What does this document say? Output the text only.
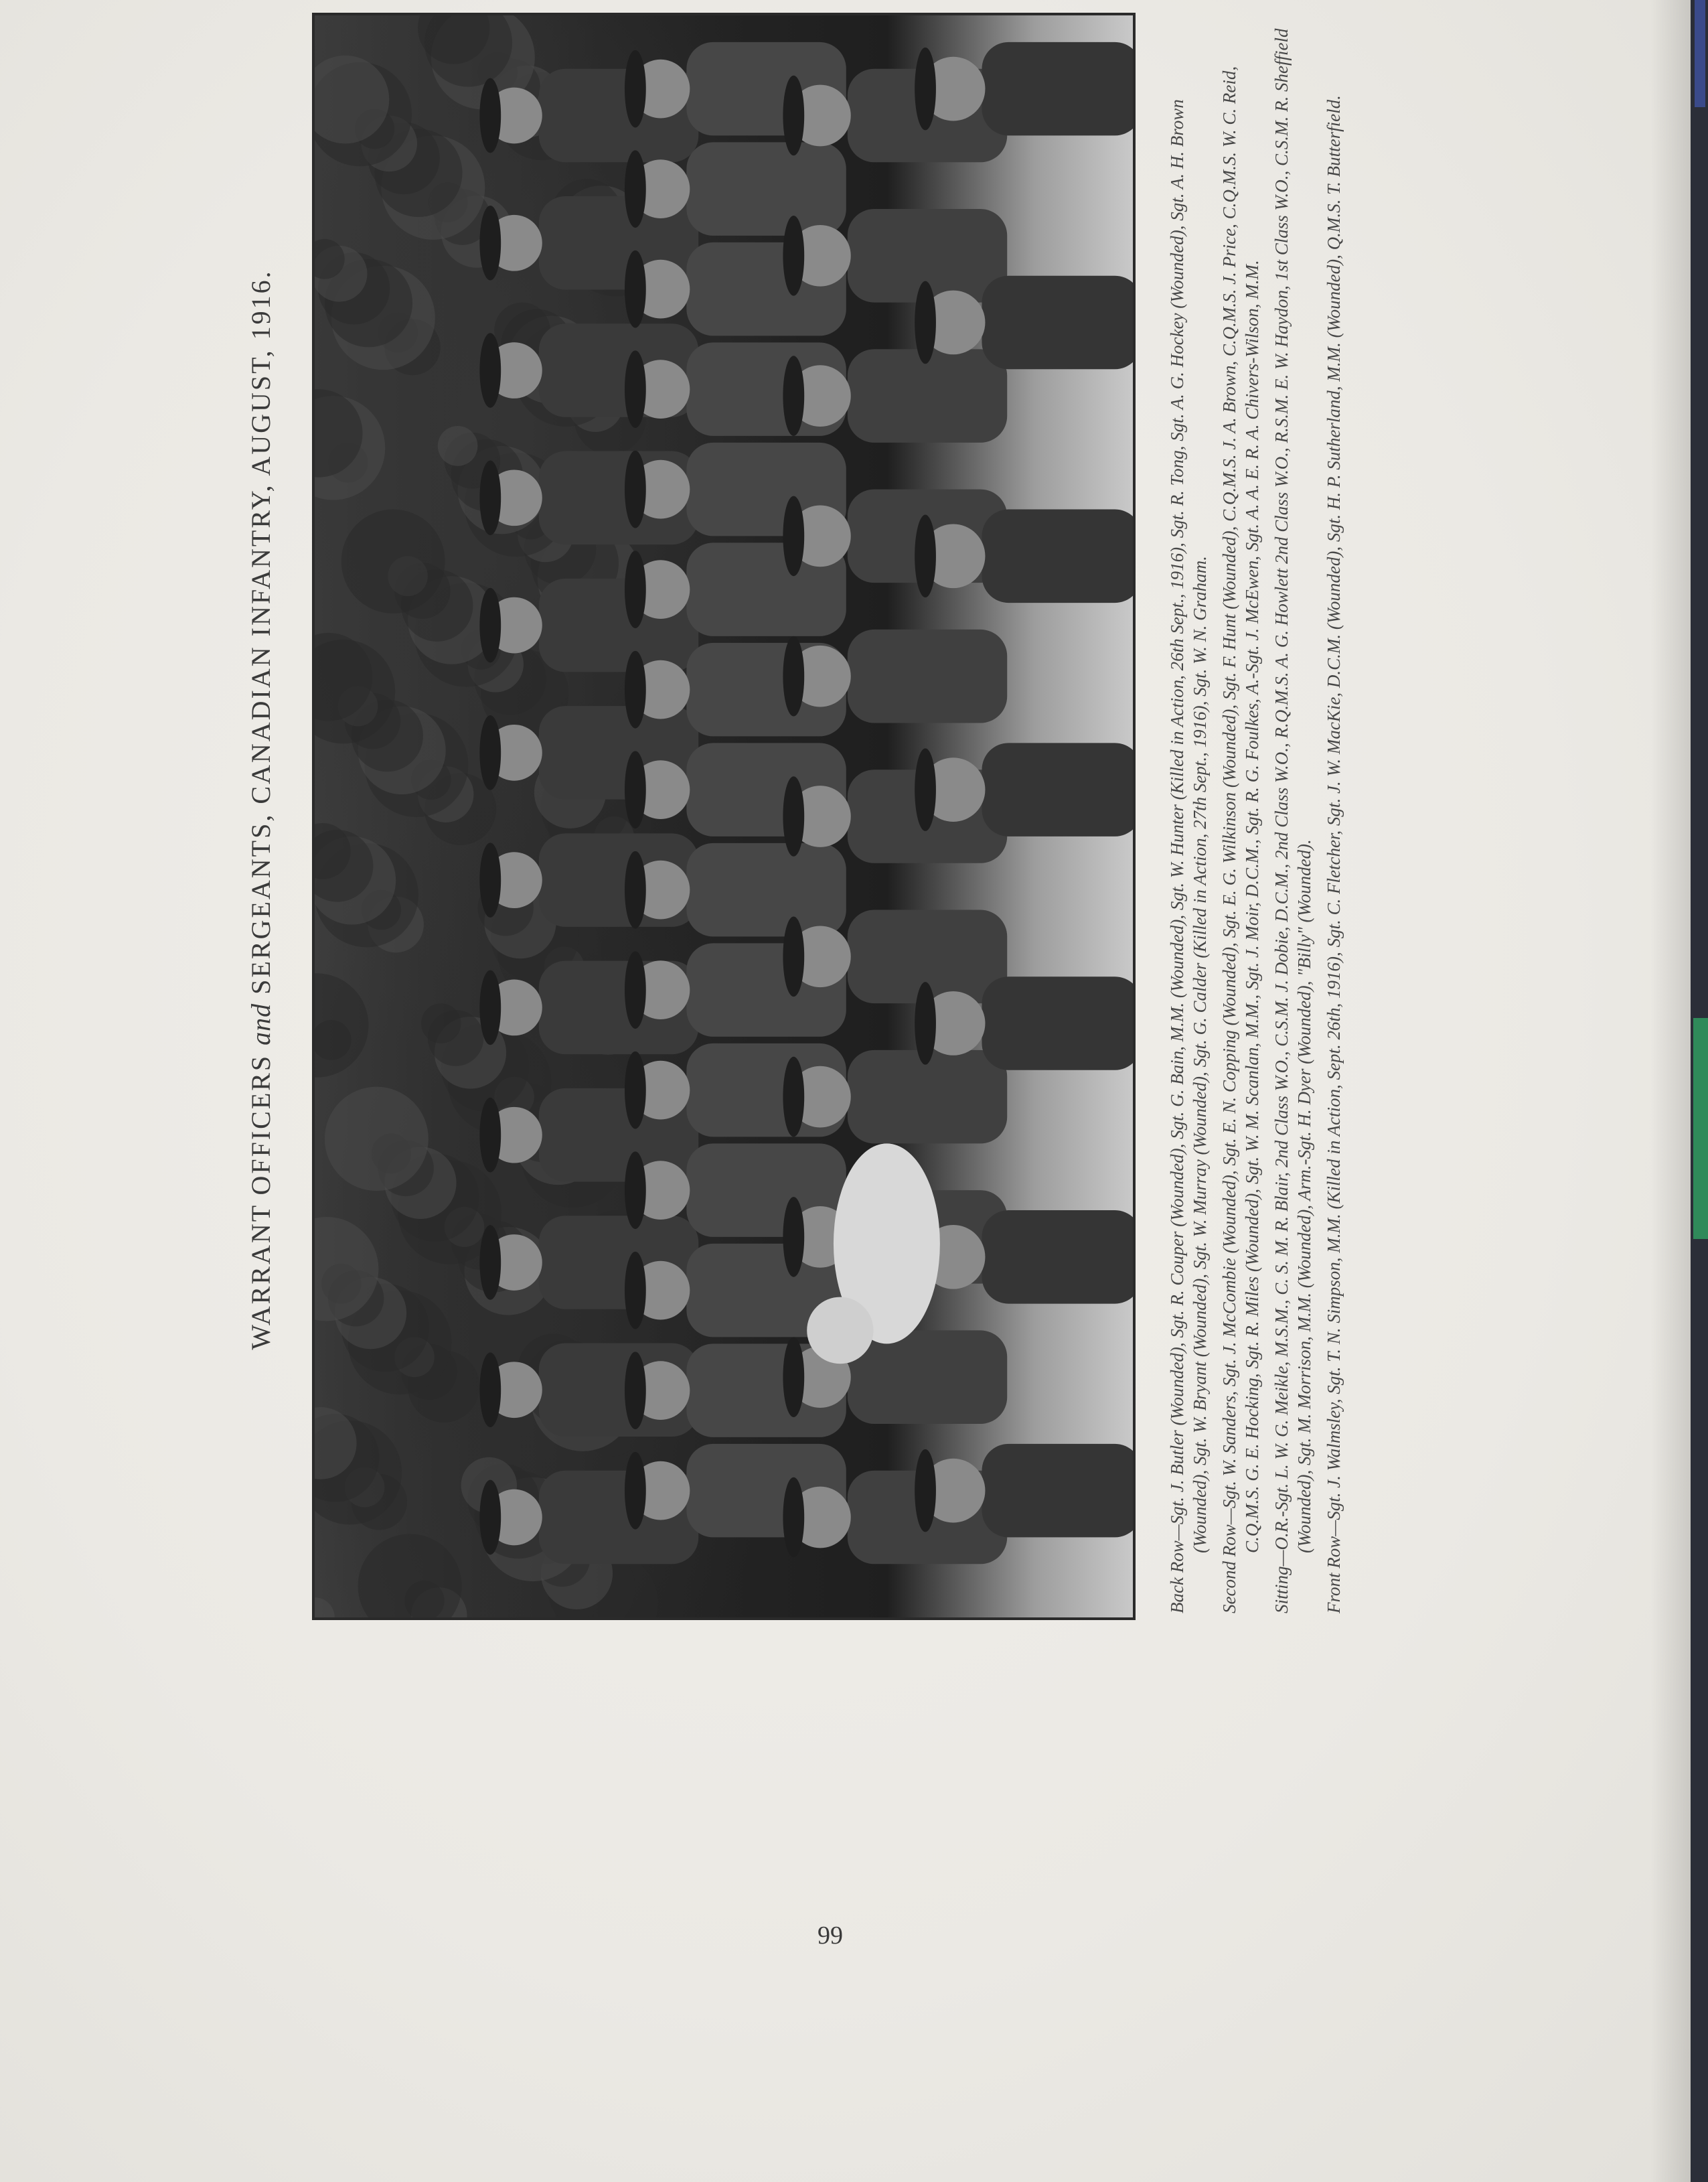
WARRANT OFFICERS and SERGEANTS, CANADIAN INFANTRY, AUGUST, 1916.	Back Row—Sgt. J. Butler (Wounded), Sgt. R. Couper (Wounded), Sgt. G. Bain, M.M. (Wounded), Sgt. W. Hunter (Killed in Action, 26th Sept., 1916), Sgt. R. Tong, Sgt. A. G. Hockey (Wounded), Sgt. A. H. Brown (Wounded), Sgt. W. Bryant (Wounded), Sgt. W. Murray (Wounded), Sgt. G. Calder (Killed in Action, 27th Sept., 1916), Sgt. W. N. Graham. Second Row—Sgt. W. Sanders, Sgt. J. McCombie (Wounded), Sgt. E. N. Copping (Wounded), Sgt. E. G. Wilkinson (Wounded), Sgt. F. Hunt (Wounded), C.Q.M.S. J. A. Brown, C.Q.M.S. J. Price, C.Q.M.S. W. C. Reid, C.Q.M.S. G. E. Hocking, Sgt. R. Miles (Wounded), Sgt. W. M. Scanlan, M.M., Sgt. J. Moir, D.C.M., Sgt. R. G. Foulkes, A.-Sgt. J. McEwen, Sgt. A. A. E. R. A. Chivers-Wilson, M.M. Sitting—O.R.-Sgt. L. W. G. Meikle, M.S.M., C. S. M. R. Blair, 2nd Class W.O., C.S.M. J. Dobie, D.C.M., 2nd Class W.O., R.Q.M.S. A. G. Howlett 2nd Class W.O., R.S.M. E. W. Haydon, 1st Class W.O., C.S.M. R. Sheffield (Wounded), Sgt. M. Morrison, M.M. (Wounded), Arm.-Sgt. H. Dyer (Wounded), "Billy" (Wounded). Front Row—Sgt. J. Walmsley, Sgt. T. N. Simpson, M.M. (Killed in Action, Sept. 26th, 1916), Sgt. C. Fletcher, Sgt. J. W. MacKie, D.C.M. (Wounded), Sgt. H. P. Sutherland, M.M. (Wounded), Q.M.S. T. Butterfield.

99
